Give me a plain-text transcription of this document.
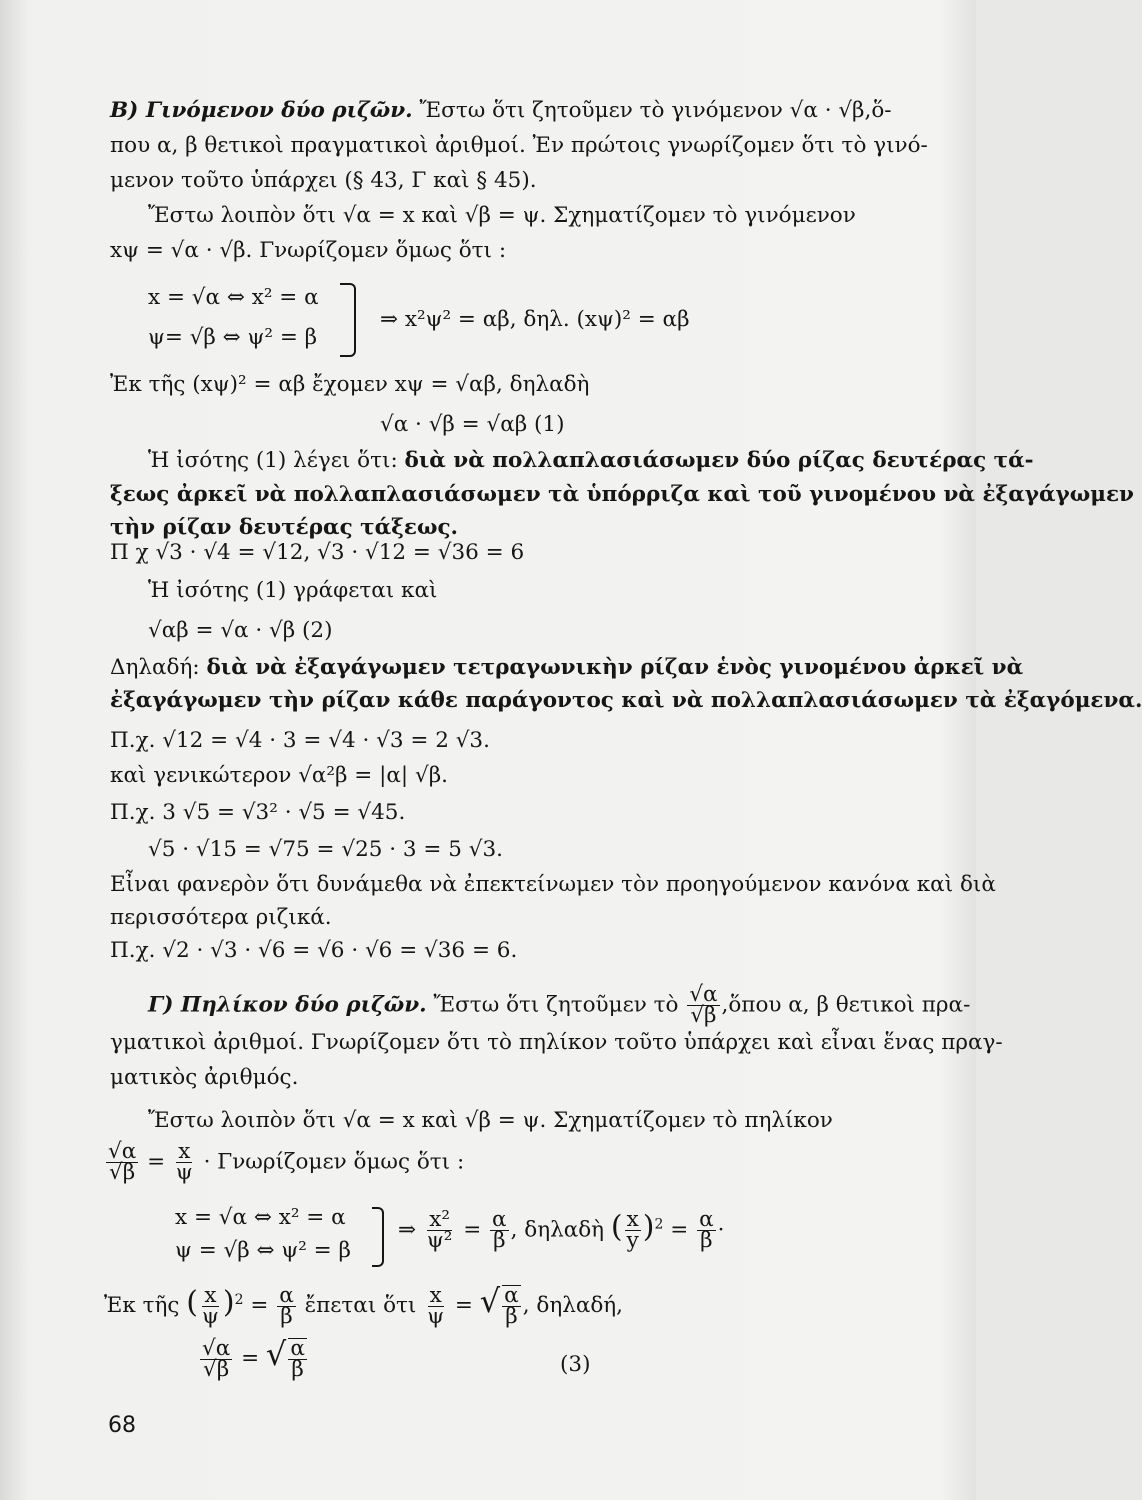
Β) Γινόμενον δύο ριζῶν. Ἔστω ὅτι ζητοῦμεν τὸ γινόμενον √α · √β,ὅ-
που α, β θετικοὶ πραγματικοὶ ἀριθμοί. Ἐν πρώτοις γνωρίζομεν ὅτι τὸ γινό-
μενον τοῦτο ὑπάρχει (§ 43, Γ καὶ § 45).
Ἔστω λοιπὸν ὅτι √α = x καὶ √β = ψ. Σχηματίζομεν τὸ γινόμενον
xψ = √α · √β. Γνωρίζομεν ὅμως ὅτι :
x = √α ⇔ x² = α
ψ= √β ⇔ ψ² = β
⇒ x²ψ² = αβ, δηλ. (xψ)² = αβ
Ἐκ τῆς (xψ)² = αβ ἔχομεν xψ = √αβ, δηλαδὴ
√α · √β = √αβ (1)
Ἡ ἰσότης (1) λέγει ὅτι: διὰ νὰ πολλαπλασιάσωμεν δύο ρίζας δευτέρας τά-
ξεως ἀρκεῖ νὰ πολλαπλασιάσωμεν τὰ ὑπόρριζα καὶ τοῦ γινομένου νὰ ἐξαγάγωμεν
τὴν ρίζαν δευτέρας τάξεως.
Π χ √3 · √4 = √12, √3 · √12 = √36 = 6
Ἡ ἰσότης (1) γράφεται καὶ
√αβ = √α · √β (2)
Δηλαδή: διὰ νὰ ἐξαγάγωμεν τετραγωνικὴν ρίζαν ἑνὸς γινομένου ἀρκεῖ νὰ
ἐξαγάγωμεν τὴν ρίζαν κάθε παράγοντος καὶ νὰ πολλαπλασιάσωμεν τὰ ἐξαγόμενα.
Π.χ. √12 = √4 · 3 = √4 · √3 = 2 √3.
καὶ γενικώτερον √α²β = |α| √β.
Π.χ. 3 √5 = √3² · √5 = √45.
√5 · √15 = √75 = √25 · 3 = 5 √3.
Εἶναι φανερὸν ὅτι δυνάμεθα νὰ ἐπεκτείνωμεν τὸν προηγούμενον κανόνα καὶ διὰ
περισσότερα ριζικά.
Π.χ. √2 · √3 · √6 = √6 · √6 = √36 = 6.
Γ) Πηλίκον δύο ριζῶν. Ἔστω ὅτι ζητοῦμεν τὸ $\frac{√\alpha}{√\beta}$ ,ὅπου α, β θετικοὶ πρα-
γματικοὶ ἀριθμοί. Γνωρίζομεν ὅτι τὸ πηλίκον τοῦτο ὑπάρχει καὶ εἶναι ἕνας πραγ-
ματικὸς ἀριθμός.
Ἔστω λοιπὸν ὅτι √α = x καὶ √β = ψ. Σχηματίζομεν τὸ πηλίκον
$\frac{√\alpha}{√\beta} = \frac{x}{\psi} \cdot \Gamma\nu\omega\rho ί\zeta o\mu\varepsilon\nu$ ὅμως ὅτι :
x = √α ⇔ x² = α
ψ = √β ⇔ ψ² = β
⇒ $\frac{\text{x²}}{\text{ψ²}} = \frac{\alpha}{\beta}$ , δηλαδὴ ( $\frac{x}{y} )^2 = \frac{\alpha}{\beta}$ ·
Ἐκ τῆς ( $\frac{x}{\psi} )^2 = \frac{\alpha}{\beta}$ ἔπεται ὅτι $\frac{x}{\psi}$ = √ $\frac{\alpha}{\beta}$ , δηλαδή,
$\frac{√\alpha}{√\beta}$ = √ $\frac{\alpha}{\beta}$	(3)
68
